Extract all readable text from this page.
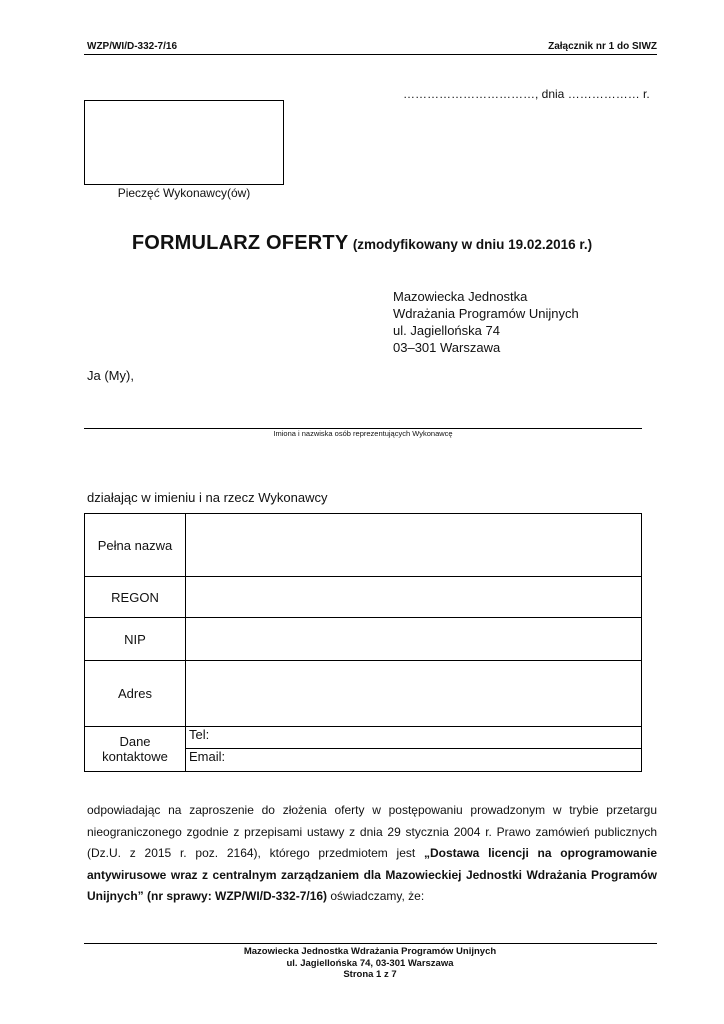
WZP/WI/D-332-7/16	Załącznik nr 1 do SIWZ
……………………………, dnia ……………… r.
Pieczęć Wykonawcy(ów)
FORMULARZ OFERTY (zmodyfikowany w dniu 19.02.2016 r.)
Mazowiecka Jednostka
Wdrażania Programów Unijnych
ul. Jagiellońska 74
03–301 Warszawa
Ja (My),
Imiona i nazwiska osób reprezentujących Wykonawcę
działając w imieniu i na rzecz Wykonawcy
Pełna nazwa	
REGON	
NIP	
Adres	

Dane
kontaktowe	Tel:
	Email:
odpowiadając na zaproszenie do złożenia oferty w postępowaniu prowadzonym w trybie przetargu nieograniczonego zgodnie z przepisami ustawy z dnia 29 stycznia 2004 r. Prawo zamówień publicznych (Dz.U. z 2015 r. poz. 2164), którego przedmiotem jest „Dostawa licencji na oprogramowanie antywirusowe wraz z centralnym zarządzaniem dla Mazowieckiej Jednostki Wdrażania Programów Unijnych” (nr sprawy: WZP/WI/D-332-7/16) oświadczamy, że:
Mazowiecka Jednostka Wdrażania Programów Unijnych
ul. Jagiellońska 74, 03-301 Warszawa
Strona 1 z 7
